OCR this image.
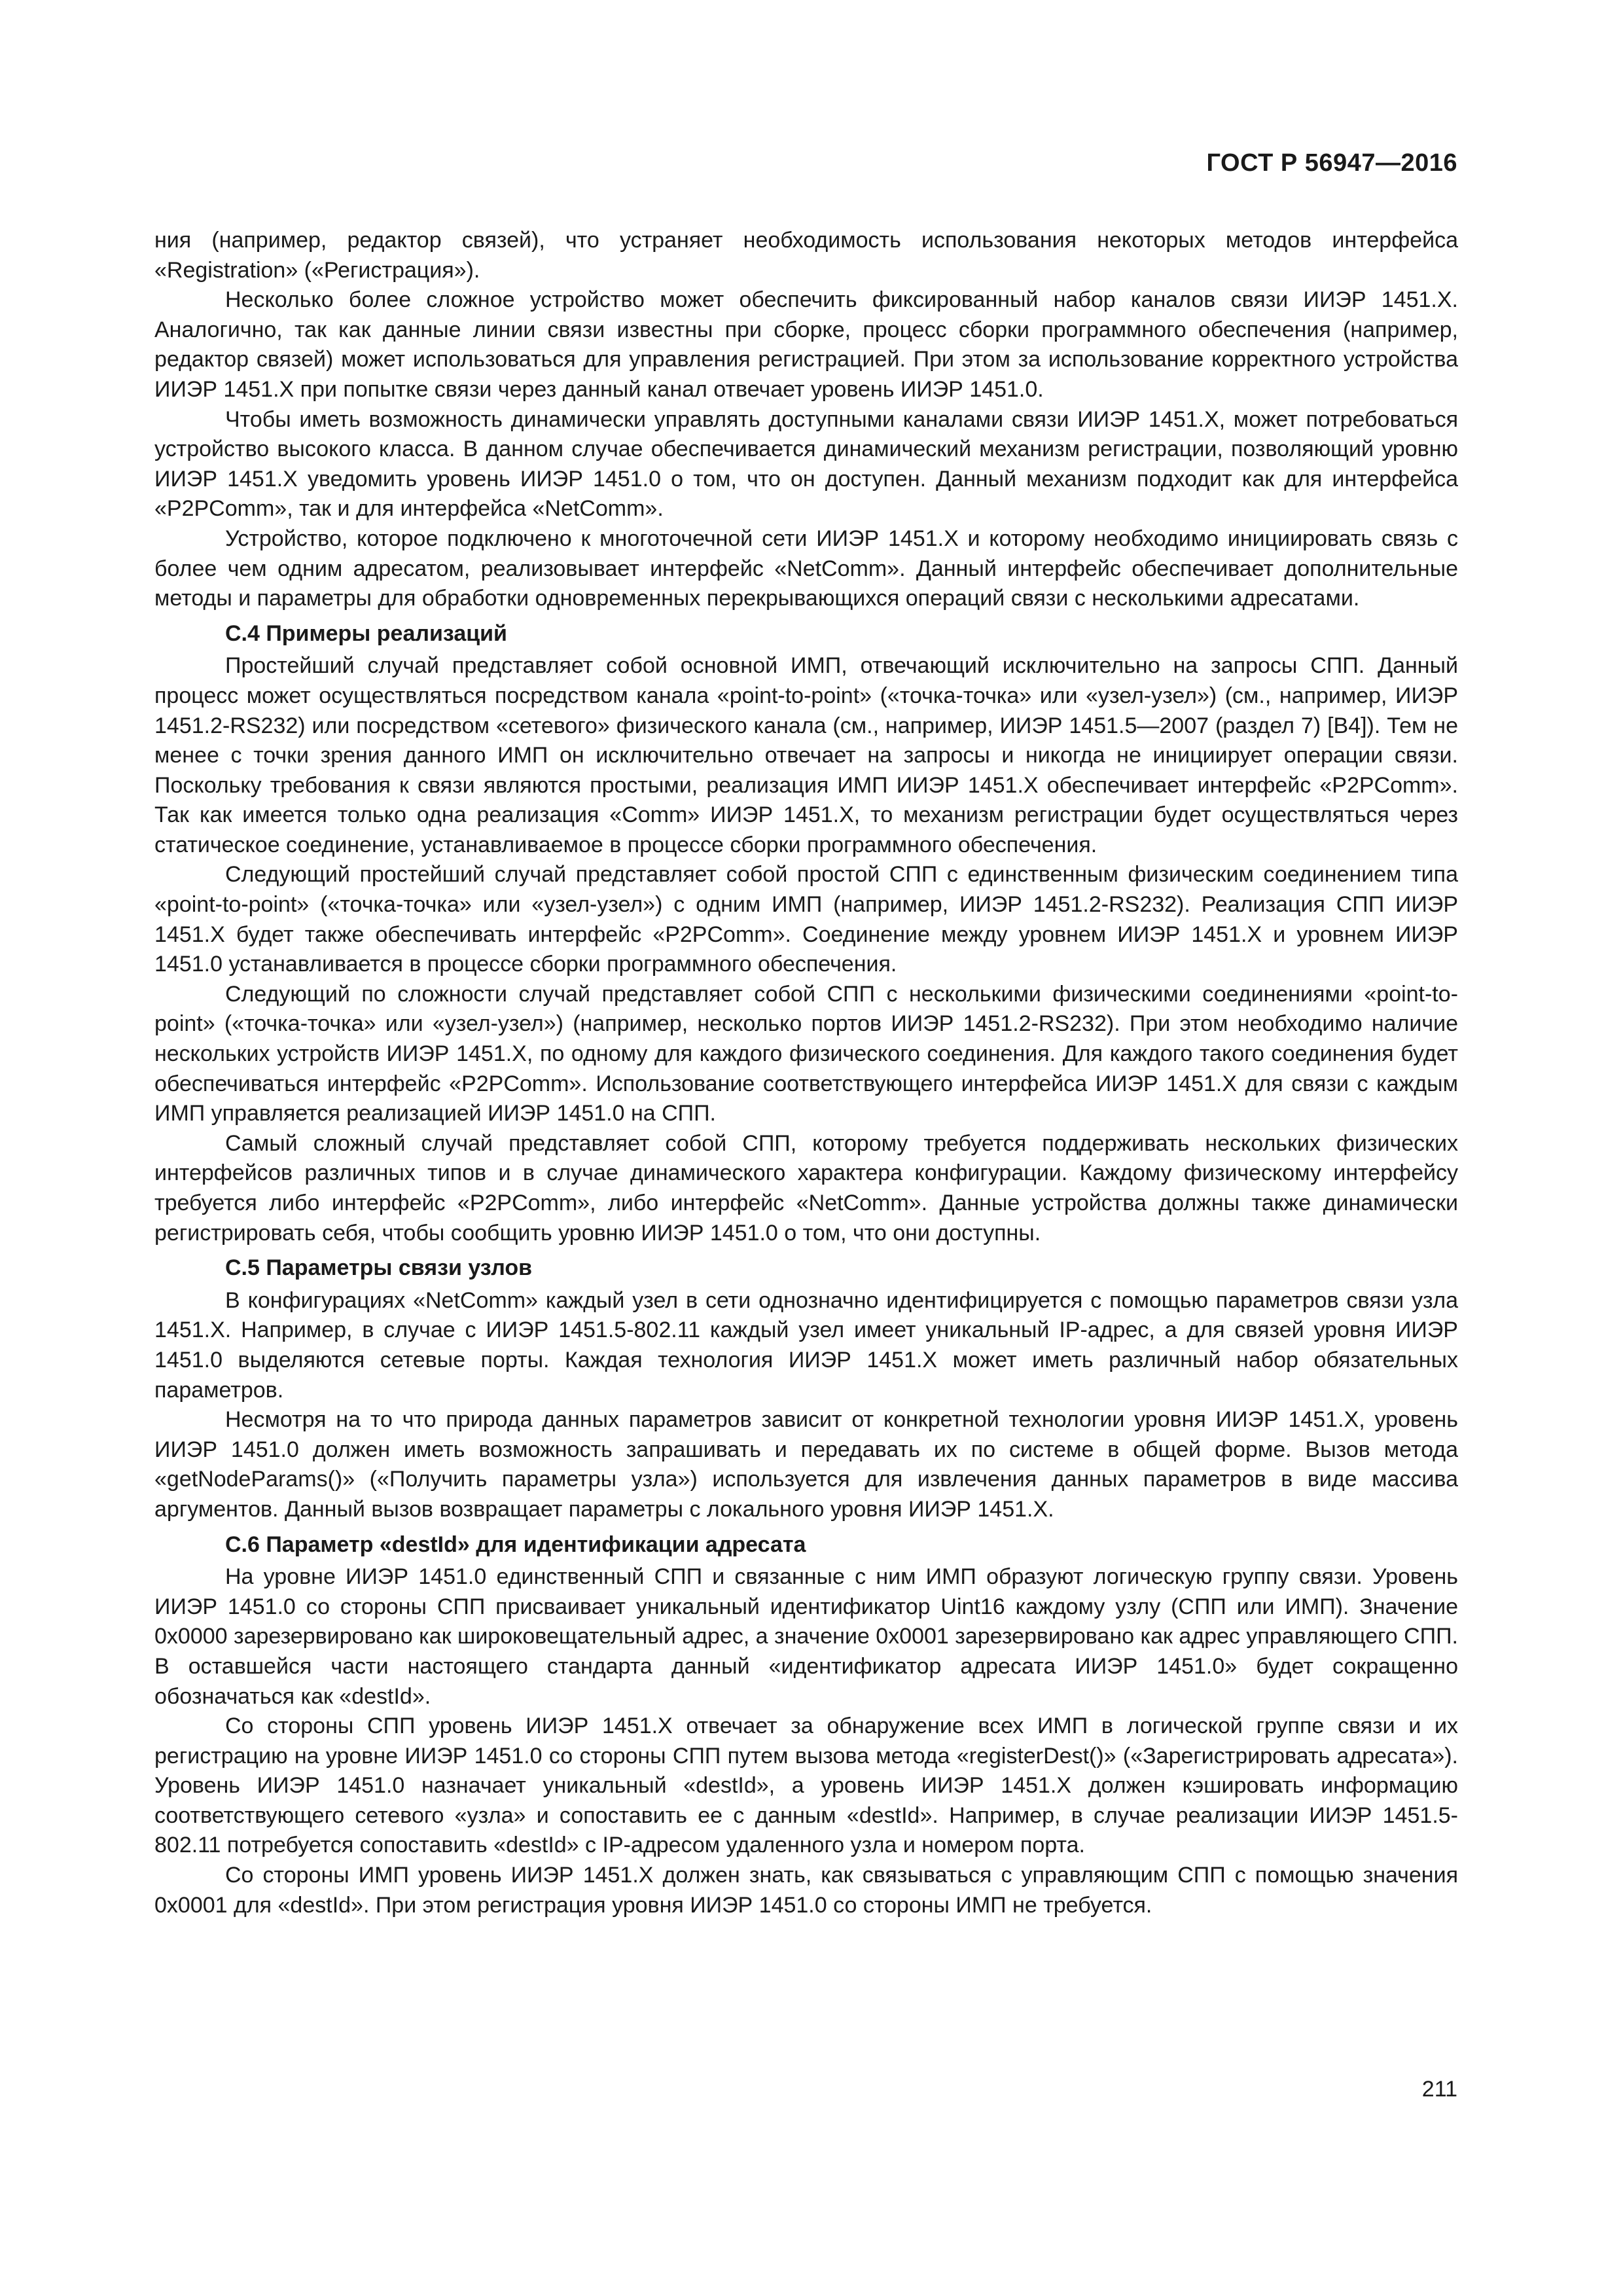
ГОСТ Р 56947—2016

ния (например, редактор связей), что устраняет необходимость использования некоторых методов интерфейса «Registration» («Регистрация»).

Несколько более сложное устройство может обеспечить фиксированный набор каналов связи ИИЭР 1451.X. Аналогично, так как данные линии связи известны при сборке, процесс сборки программного обеспечения (например, редактор связей) может использоваться для управления регистрацией. При этом за использование корректного устройства ИИЭР 1451.X при попытке связи через данный канал отвечает уровень ИИЭР 1451.0.

Чтобы иметь возможность динамически управлять доступными каналами связи ИИЭР 1451.X, может потребоваться устройство высокого класса. В данном случае обеспечивается динамический механизм регистрации, позволяющий уровню ИИЭР 1451.X уведомить уровень ИИЭР 1451.0 о том, что он доступен. Данный механизм подходит как для интерфейса «P2PComm», так и для интерфейса «NetComm».

Устройство, которое подключено к многоточечной сети ИИЭР 1451.X и которому необходимо инициировать связь с более чем одним адресатом, реализовывает интерфейс «NetComm». Данный интерфейс обеспечивает дополнительные методы и параметры для обработки одновременных перекрывающихся операций связи с несколькими адресатами.

С.4 Примеры реализаций

Простейший случай представляет собой основной ИМП, отвечающий исключительно на запросы СПП. Данный процесс может осуществляться посредством канала «point-to-point» («точка-точка» или «узел-узел») (см., например, ИИЭР 1451.2-RS232) или посредством «сетевого» физического канала (см., например, ИИЭР 1451.5—2007 (раздел 7) [В4]). Тем не менее с точки зрения данного ИМП он исключительно отвечает на запросы и никогда не инициирует операции связи. Поскольку требования к связи являются простыми, реализация ИМП ИИЭР 1451.X обеспечивает интерфейс «P2PComm». Так как имеется только одна реализация «Comm» ИИЭР 1451.X, то механизм регистрации будет осуществляться через статическое соединение, устанавливаемое в процессе сборки программного обеспечения.

Следующий простейший случай представляет собой простой СПП с единственным физическим соединением типа «point-to-point» («точка-точка» или «узел-узел») с одним ИМП (например, ИИЭР 1451.2-RS232). Реализация СПП ИИЭР 1451.X будет также обеспечивать интерфейс «P2PComm». Соединение между уровнем ИИЭР 1451.X и уровнем ИИЭР 1451.0 устанавливается в процессе сборки программного обеспечения.

Следующий по сложности случай представляет собой СПП с несколькими физическими соединениями «point-to-point» («точка-точка» или «узел-узел») (например, несколько портов ИИЭР 1451.2-RS232). При этом необходимо наличие нескольких устройств ИИЭР 1451.X, по одному для каждого физического соединения. Для каждого такого соединения будет обеспечиваться интерфейс «P2PComm». Использование соответствующего интерфейса ИИЭР 1451.X для связи с каждым ИМП управляется реализацией ИИЭР 1451.0 на СПП.

Самый сложный случай представляет собой СПП, которому требуется поддерживать нескольких физических интерфейсов различных типов и в случае динамического характера конфигурации. Каждому физическому интерфейсу требуется либо интерфейс «P2PComm», либо интерфейс «NetComm». Данные устройства должны также динамически регистрировать себя, чтобы сообщить уровню ИИЭР 1451.0 о том, что они доступны.

С.5 Параметры связи узлов

В конфигурациях «NetComm» каждый узел в сети однозначно идентифицируется с помощью параметров связи узла 1451.X. Например, в случае с ИИЭР 1451.5-802.11 каждый узел имеет уникальный IP-адрес, а для связей уровня ИИЭР 1451.0 выделяются сетевые порты. Каждая технология ИИЭР 1451.X может иметь различный набор обязательных параметров.

Несмотря на то что природа данных параметров зависит от конкретной технологии уровня ИИЭР 1451.X, уровень ИИЭР 1451.0 должен иметь возможность запрашивать и передавать их по системе в общей форме. Вызов метода «getNodeParams()» («Получить параметры узла») используется для извлечения данных параметров в виде массива аргументов. Данный вызов возвращает параметры с локального уровня ИИЭР 1451.X.

С.6 Параметр «destId» для идентификации адресата

На уровне ИИЭР 1451.0 единственный СПП и связанные с ним ИМП образуют логическую группу связи. Уровень ИИЭР 1451.0 со стороны СПП присваивает уникальный идентификатор Uint16 каждому узлу (СПП или ИМП). Значение 0x0000 зарезервировано как широковещательный адрес, а значение 0x0001 зарезервировано как адрес управляющего СПП. В оставшейся части настоящего стандарта данный «идентификатор адресата ИИЭР 1451.0» будет сокращенно обозначаться как «destId».

Со стороны СПП уровень ИИЭР 1451.X отвечает за обнаружение всех ИМП в логической группе связи и их регистрацию на уровне ИИЭР 1451.0 со стороны СПП путем вызова метода «registerDest()» («Зарегистрировать адресата»). Уровень ИИЭР 1451.0 назначает уникальный «destId», а уровень ИИЭР 1451.X должен кэшировать информацию соответствующего сетевого «узла» и сопоставить ее с данным «destId». Например, в случае реализации ИИЭР 1451.5-802.11 потребуется сопоставить «destId» с IP-адресом удаленного узла и номером порта.

Со стороны ИМП уровень ИИЭР 1451.X должен знать, как связываться с управляющим СПП с помощью значения 0x0001 для «destId». При этом регистрация уровня ИИЭР 1451.0 со стороны ИМП не требуется.

211
